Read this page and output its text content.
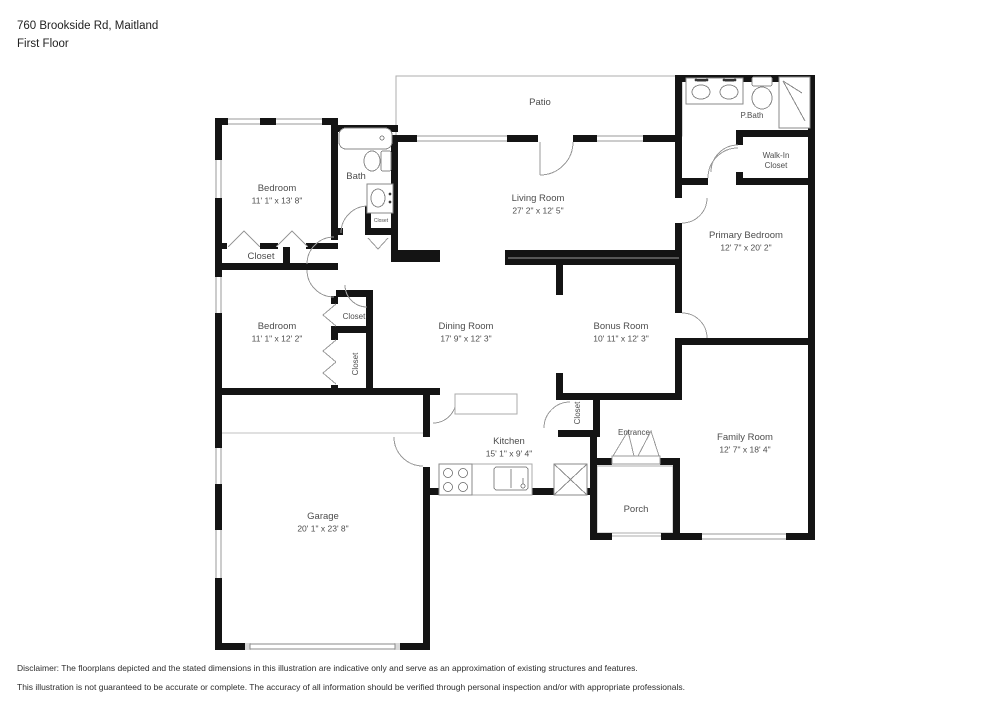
760 Brookside Rd, Maitland
First Floor
Patio
Living Room
27' 2" x 12' 5"
Bedroom
11' 1" x 13' 8"
Closet
Bath
Closet
P.Bath
Walk-In Closet
Primary Bedroom
12' 7" x 20' 2"
Bedroom
11' 1" x 12' 2"
Closet
Closet
Dining Room
17' 9" x 12' 3"
Bonus Room
10' 11" x 12' 3"
Kitchen
15' 1" x 9' 4"
Closet
Entrance	Family Room
12' 7" x 18' 4"
Porch
Garage
20' 1" x 23' 8"
Disclaimer: The floorplans depicted and the stated dimensions in this illustration are indicative only and serve as an approximation of existing structures and features.
This illustration is not guaranteed to be accurate or complete. The accuracy of all information should be verified through personal inspection and/or with appropriate professionals.
